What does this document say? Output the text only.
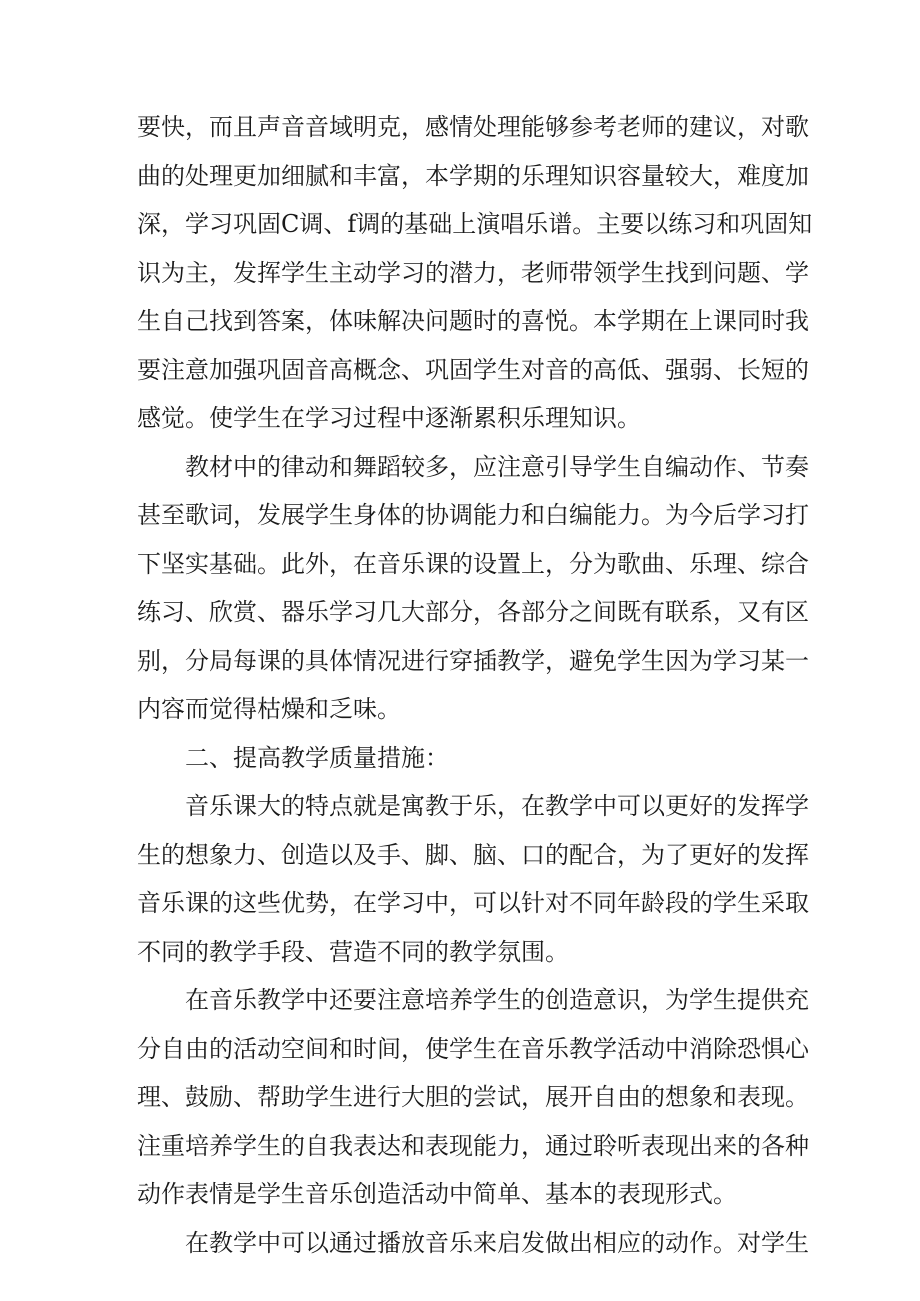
要快，而且声音音域明克，感情处理能够参考老师的建议，对歌
曲的处理更加细腻和丰富，本学期的乐理知识容量较大，难度加
深，学习巩固C调、f调的基础上演唱乐谱。主要以练习和巩固知
识为主，发挥学生主动学习的潜力，老师带领学生找到问题、学
生自己找到答案，体味解决问题时的喜悦。本学期在上课同时我
要注意加强巩固音高概念、巩固学生对音的高低、强弱、长短的
感觉。使学生在学习过程中逐渐累积乐理知识。
教材中的律动和舞蹈较多，应注意引导学生自编动作、节奏
甚至歌词，发展学生身体的协调能力和白编能力。为今后学习打
下坚实基础。此外，在音乐课的设置上，分为歌曲、乐理、综合
练习、欣赏、器乐学习几大部分，各部分之间既有联系，又有区
别，分局每课的具体情况进行穿插教学，避免学生因为学习某一
内容而觉得枯燥和乏味。
二、提高教学质量措施：
音乐课大的特点就是寓教于乐，在教学中可以更好的发挥学
生的想象力、创造以及手、脚、脑、口的配合，为了更好的发挥
音乐课的这些优势，在学习中，可以针对不同年龄段的学生采取
不同的教学手段、营造不同的教学氛围。
在音乐教学中还要注意培养学生的创造意识，为学生提供充
分自由的活动空间和时间，使学生在音乐教学活动中消除恐惧心
理、鼓励、帮助学生进行大胆的尝试，展开自由的想象和表现。
注重培养学生的自我表达和表现能力，通过聆听表现出来的各种
动作表情是学生音乐创造活动中简单、基本的表现形式。
在教学中可以通过播放音乐来启发做出相应的动作。对学生
